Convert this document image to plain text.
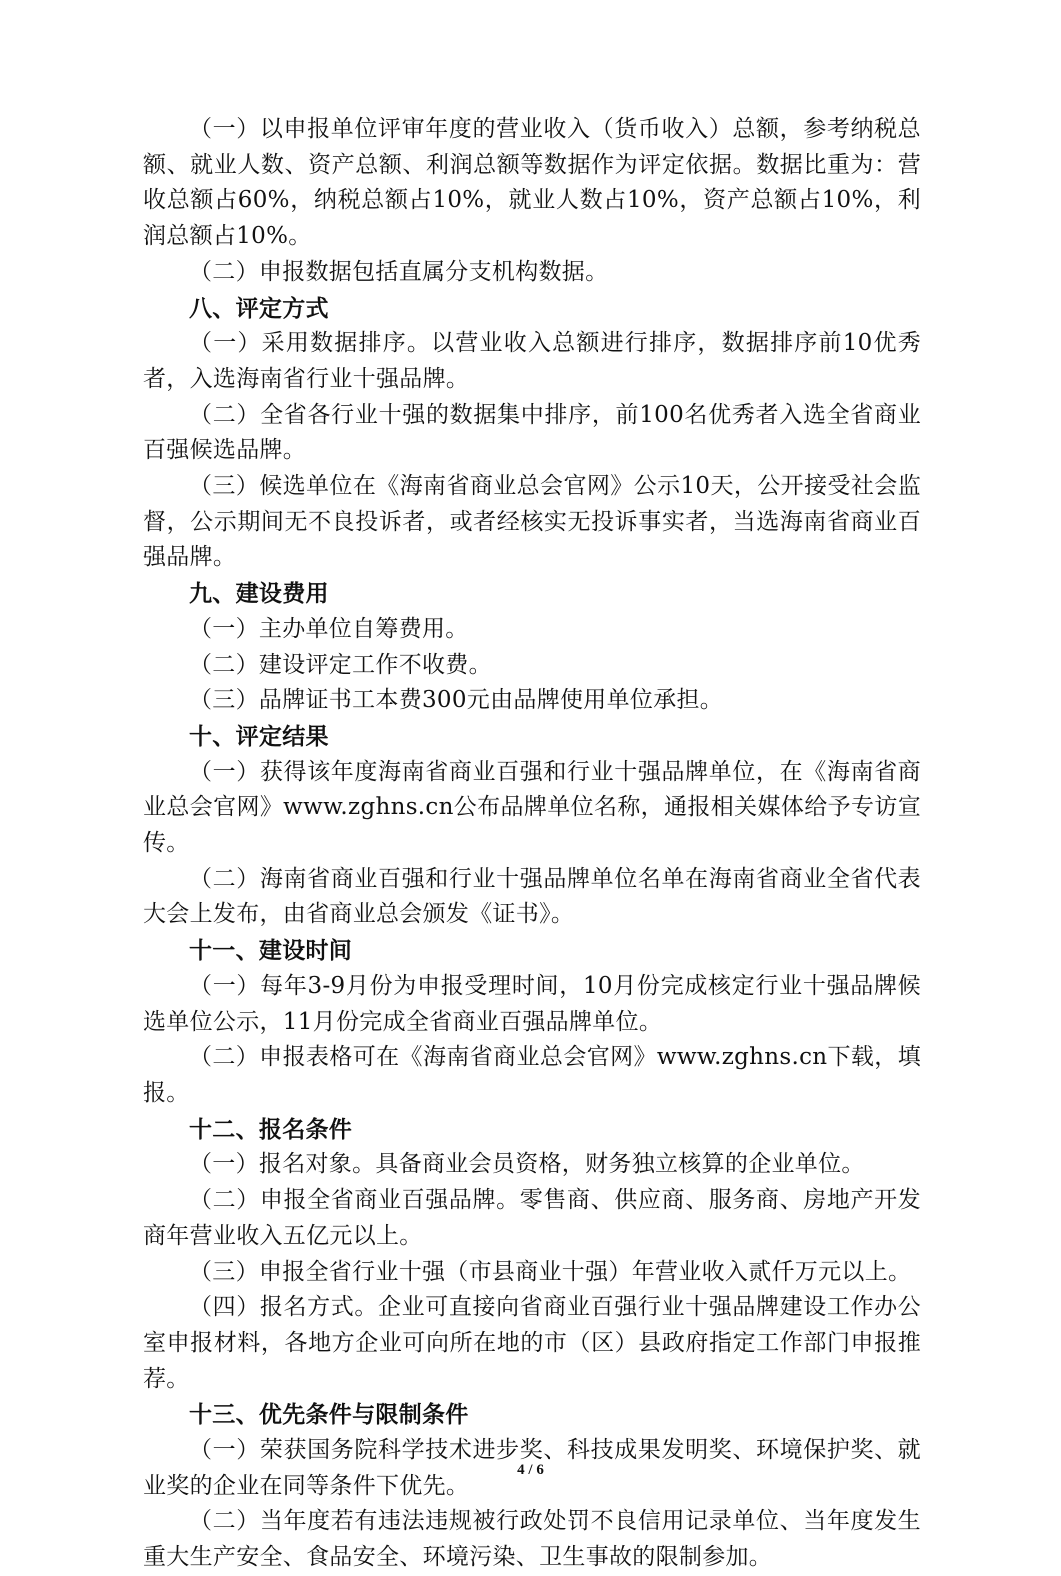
（一）以申报单位评审年度的营业收入（货币收入）总额，参考纳税总额、就业人数、资产总额、利润总额等数据作为评定依据。数据比重为：营收总额占60%，纳税总额占10%，就业人数占10%，资产总额占10%，利润总额占10%。

（二）申报数据包括直属分支机构数据。

八、评定方式

（一）采用数据排序。以营业收入总额进行排序，数据排序前10优秀者，入选海南省行业十强品牌。

（二）全省各行业十强的数据集中排序，前100名优秀者入选全省商业百强候选品牌。

（三）候选单位在《海南省商业总会官网》公示10天，公开接受社会监督，公示期间无不良投诉者，或者经核实无投诉事实者，当选海南省商业百强品牌。

九、建设费用

（一）主办单位自筹费用。

（二）建设评定工作不收费。

（三）品牌证书工本费300元由品牌使用单位承担。

十、评定结果

（一）获得该年度海南省商业百强和行业十强品牌单位，在《海南省商业总会官网》www.zghns.cn公布品牌单位名称，通报相关媒体给予专访宣传。

（二）海南省商业百强和行业十强品牌单位名单在海南省商业全省代表大会上发布，由省商业总会颁发《证书》。

十一、建设时间

（一）每年3-9月份为申报受理时间，10月份完成核定行业十强品牌候选单位公示，11月份完成全省商业百强品牌单位。

（二）申报表格可在《海南省商业总会官网》www.zghns.cn下载，填报。

十二、报名条件

（一）报名对象。具备商业会员资格，财务独立核算的企业单位。

（二）申报全省商业百强品牌。零售商、供应商、服务商、房地产开发商年营业收入五亿元以上。

（三）申报全省行业十强（市县商业十强）年营业收入贰仟万元以上。

（四）报名方式。企业可直接向省商业百强行业十强品牌建设工作办公室申报材料，各地方企业可向所在地的市（区）县政府指定工作部门申报推荐。

十三、优先条件与限制条件

（一）荣获国务院科学技术进步奖、科技成果发明奖、环境保护奖、就业奖的企业在同等条件下优先。

（二）当年度若有违法违规被行政处罚不良信用记录单位、当年度发生重大生产安全、食品安全、环境污染、卫生事故的限制参加。

4 / 6
